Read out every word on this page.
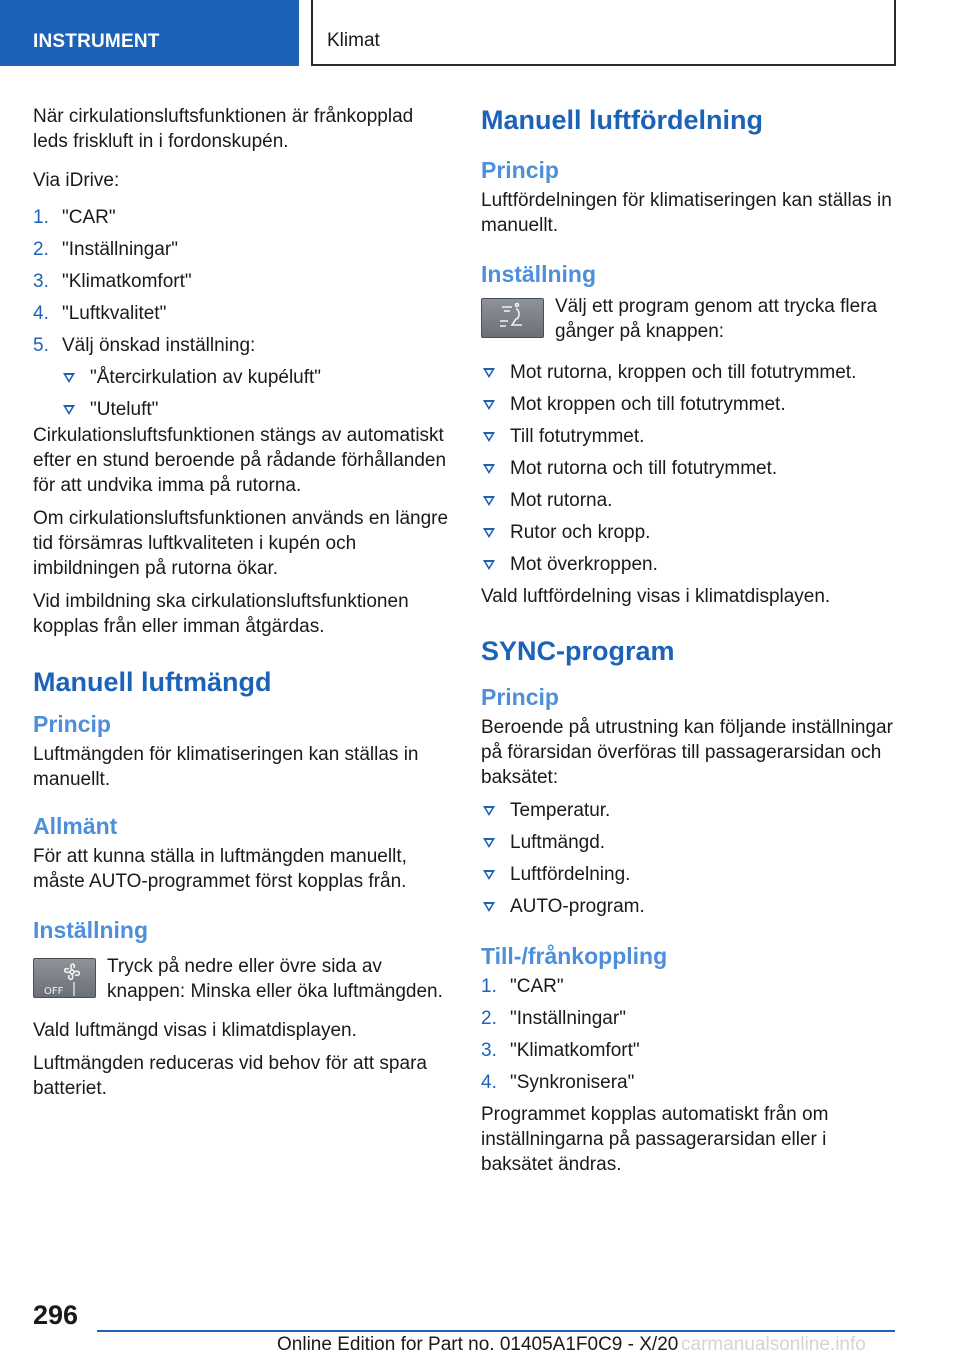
INSTRUMENT	Klimat

När cirkulationsluftsfunktionen är frånkopplad leds friskluft in i fordonskupén.

Via iDrive:

1. "CAR"
2. "Inställningar"
3. "Klimatkomfort"
4. "Luftkvalitet"
5. Välj önskad inställning:
"Återcirkulation av kupéluft"
"Uteluft"

Cirkulationsluftsfunktionen stängs av automatiskt efter en stund beroende på rådande förhållanden för att undvika imma på rutorna.

Om cirkulationsluftsfunktionen används en längre tid försämras luftkvaliteten i kupén och imbildningen på rutorna ökar.

Vid imbildning ska cirkulationsluftsfunktionen kopplas från eller imman åtgärdas.

Manuell luftmängd
Princip

Luftmängden för klimatiseringen kan ställas in manuellt.

Allmänt

För att kunna ställa in luftmängden manuellt, måste AUTO-programmet först kopplas från.

Inställning
OFF

Tryck på nedre eller övre sida av knappen: Minska eller öka luftmängden.

Vald luftmängd visas i klimatdisplayen.

Luftmängden reduceras vid behov för att spara batteriet.

Manuell luftfördelning
Princip

Luftfördelningen för klimatiseringen kan ställas in manuellt.

Inställning

Välj ett program genom att trycka flera gånger på knappen:

Mot rutorna, kroppen och till fotutrymmet.
Mot kroppen och till fotutrymmet.
Till fotutrymmet.
Mot rutorna och till fotutrymmet.
Mot rutorna.
Rutor och kropp.
Mot överkroppen.

Vald luftfördelning visas i klimatdisplayen.

SYNC-program
Princip

Beroende på utrustning kan följande inställningar på förarsidan överföras till passagerarsidan och baksätet:

Temperatur.
Luftmängd.
Luftfördelning.
AUTO-program.
Till-/frånkoppling
1. "CAR"
2. "Inställningar"
3. "Klimatkomfort"
4. "Synkronisera"

Programmet kopplas automatiskt från om inställningarna på passagerarsidan eller i baksätet ändras.

296
Online Edition for Part no. 01405A1F0C9 - X/20 carmanualsonline.info
